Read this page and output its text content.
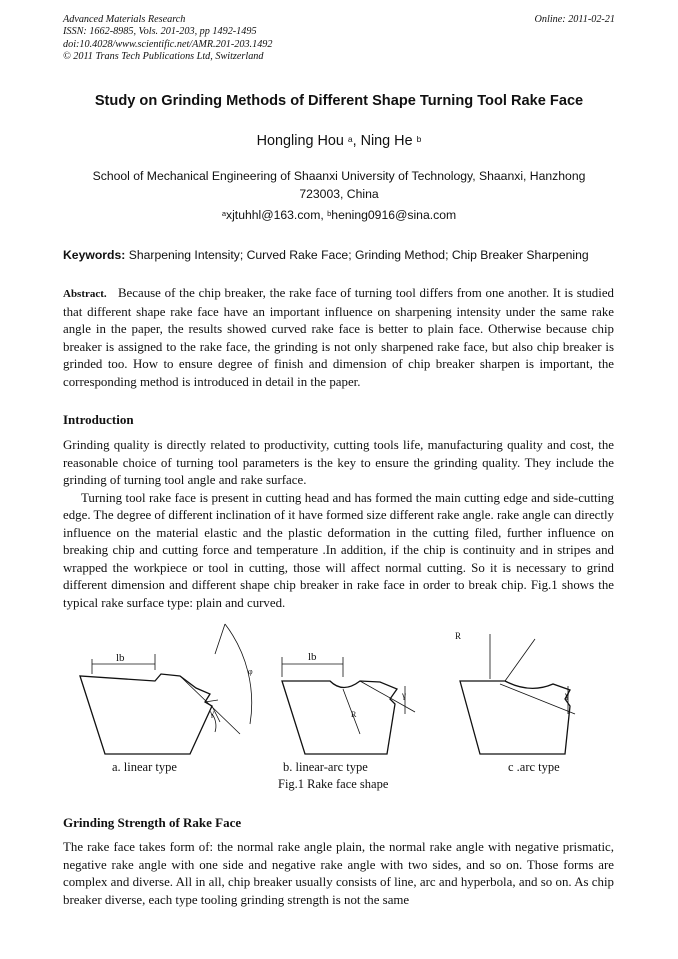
Advanced Materials Research
ISSN: 1662-8985, Vols. 201-203, pp 1492-1495
doi:10.4028/www.scientific.net/AMR.201-203.1492
© 2011 Trans Tech Publications Ltd, Switzerland
Online: 2011-02-21
Study on Grinding Methods of Different Shape Turning Tool Rake Face
Hongling Hou $^a$, Ning He $^b$
School of Mechanical Engineering of Shaanxi University of Technology, Shaanxi, Hanzhong 723003, China
$^a$xjtuhhl@163.com, $^b$hening0916@sina.com
Keywords: Sharpening Intensity; Curved Rake Face; Grinding Method; Chip Breaker Sharpening
Abstract. Because of the chip breaker, the rake face of turning tool differs from one another. It is studied that different shape rake face have an important influence on sharpening intensity under the same rake angle in the paper, the results showed curved rake face is better to plain face. Otherwise because chip breaker is assigned to the rake face, the grinding is not only sharpened rake face, but also chip breaker is grinded too. How to ensure degree of finish and dimension of chip breaker sharpen is important, the corresponding method is introduced in detail in the paper.
Introduction
Grinding quality is directly related to productivity, cutting tools life, manufacturing quality and cost, the reasonable choice of turning tool parameters is the key to ensure the grinding quality. They include the grinding of turning tool angle and rake surface.
Turning tool rake face is present in cutting head and has formed the main cutting edge and side-cutting edge. The degree of different inclination of it have formed size different rake angle. rake angle can directly influence on the material elastic and the plastic deformation in the cutting filed, further influence on breaking chip and cutting force and temperature .In addition, if the chip is continuity and in stripes and wrapped the workpiece or tool in cutting, those will affect normal cutting. So it is necessary to grind different dimension and different shape chip breaker in rake face in order to break chip. Fig.1 shows the typical rake surface type: plain and curved.
lb
φ
γ
lb
R
γ
R
γ
a. linear type	b. linear-arc type	c .arc type
Fig.1 Rake face shape
Grinding Strength of Rake Face
The rake face takes form of: the normal rake angle plain, the normal rake angle with negative prismatic, negative rake angle with one side and negative rake angle with two sides, and so on. Those forms are complex and diverse. All in all, chip breaker usually consists of line, arc and hyperbola, and so on. As chip breaker diverse, each type tooling grinding strength is not the same
